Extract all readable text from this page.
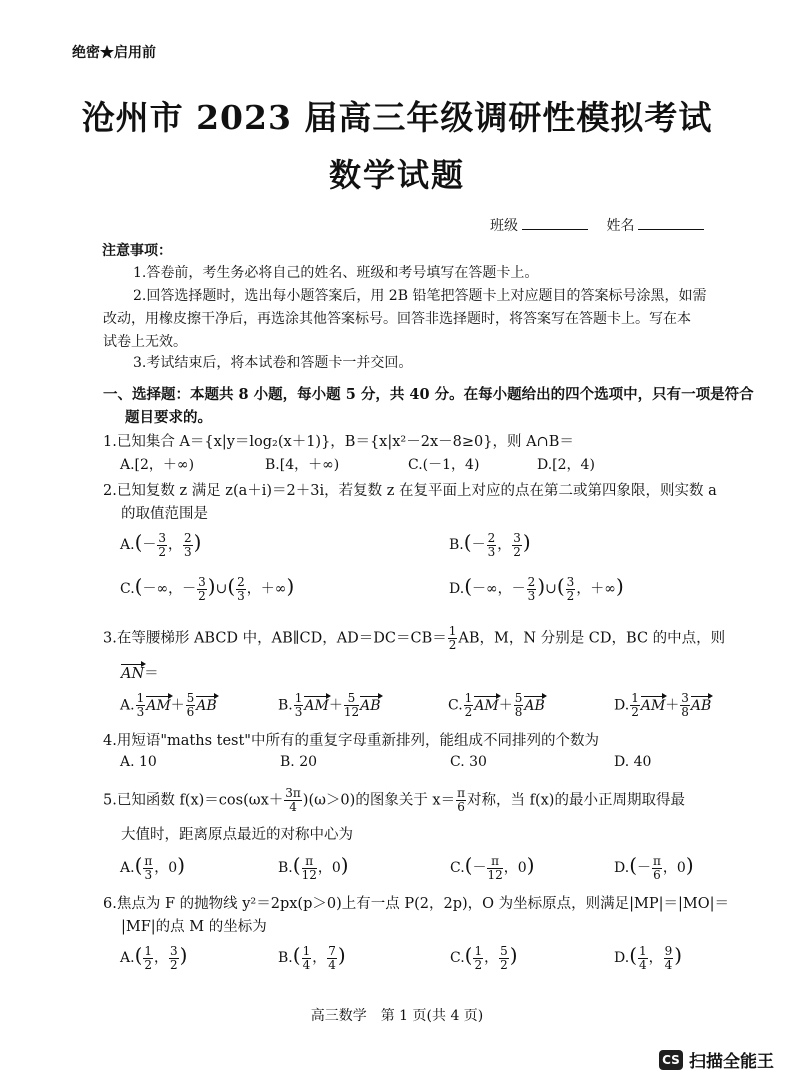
绝密★启用前
沧州市 2023 届高三年级调研性模拟考试
数学试题
班级	姓名
注意事项：
1.答卷前，考生务必将自己的姓名、班级和考号填写在答题卡上。
2.回答选择题时，选出每小题答案后，用 2B 铅笔把答题卡上对应题目的答案标号涂黑，如需
改动，用橡皮擦干净后，再选涂其他答案标号。回答非选择题时，将答案写在答题卡上。写在本
试卷上无效。
3.考试结束后，将本试卷和答题卡一并交回。
一、选择题：本题共 8 小题，每小题 5 分，共 40 分。在每小题给出的四个选项中，只有一项是符合
题目要求的。
1.已知集合 A＝{x|y＝log₂(x＋1)}，B＝{x|x²－2x－8≥0}，则 A∩B＝
A.[2，＋∞)	B.[4，＋∞)	C.(－1，4)	D.[2，4)
2.已知复数 z 满足 z(a＋i)＝2＋3i，若复数 z 在复平面上对应的点在第二或第四象限，则实数 a
的取值范围是
$A.(- \frac{3}{2}$ ， $\frac{2}{3}$ )	$B.(- \frac{2}{3}$ ， $\frac{3}{2}$ )
C.(－∞，－ $\frac{3}{2}$ )∪( $\frac{2}{3}$ ，＋∞)	D.(－∞，－ $\frac{2}{3}$ )∪( $\frac{3}{2}$ ，＋∞)
3.在等腰梯形 ABCD 中，AB∥CD，$AD=DC=CB= \frac{1}{2}$ AB，M，N 分别是 CD，BC 的中点，则
AN＝
A. $\frac{1}{3} AM+ \frac{5}{6}$ AB	B. $\frac{1}{3} AM+ \frac{5}{12}$ AB	C. $\frac{1}{2} AM+ \frac{5}{8}$ AB	D. $\frac{1}{2} AM+ \frac{3}{8}$ AB
4.用短语"maths test"中所有的重复字母重新排列，能组成不同排列的个数为
A. 10	B. 20	C. 30	D. 40
5.已知函数 $f(x)=\cos(\omega x+ \frac{3\pi}{4} )(\omega>0)$的图象关于 $x= \frac{\pi}{6}$ 对称，当 f(x)的最小正周期取得最
大值时，距离原点最近的对称中心为
$A.( \frac{\pi}{3}$ ，0)	$B.( \frac{\pi}{12}$ ，0)	$C.(- \frac{\pi}{12}$ ，0)	$D.(- \frac{\pi}{6}$ ，0)
6.焦点为 F 的抛物线 y²＝2px(p＞0)上有一点 P(2，2p)，O 为坐标原点，则满足|MP|＝|MO|＝
|MF|的点 M 的坐标为
$A.( \frac{1}{2}$ ， $\frac{3}{2}$ )	$B.( \frac{1}{4}$ ， $\frac{7}{4}$ )	$C.( \frac{1}{2}$ ， $\frac{5}{2}$ )	$D.( \frac{1}{4}$ ， $\frac{9}{4}$ )
高三数学　第 1 页(共 4 页)
CS 扫描全能王
